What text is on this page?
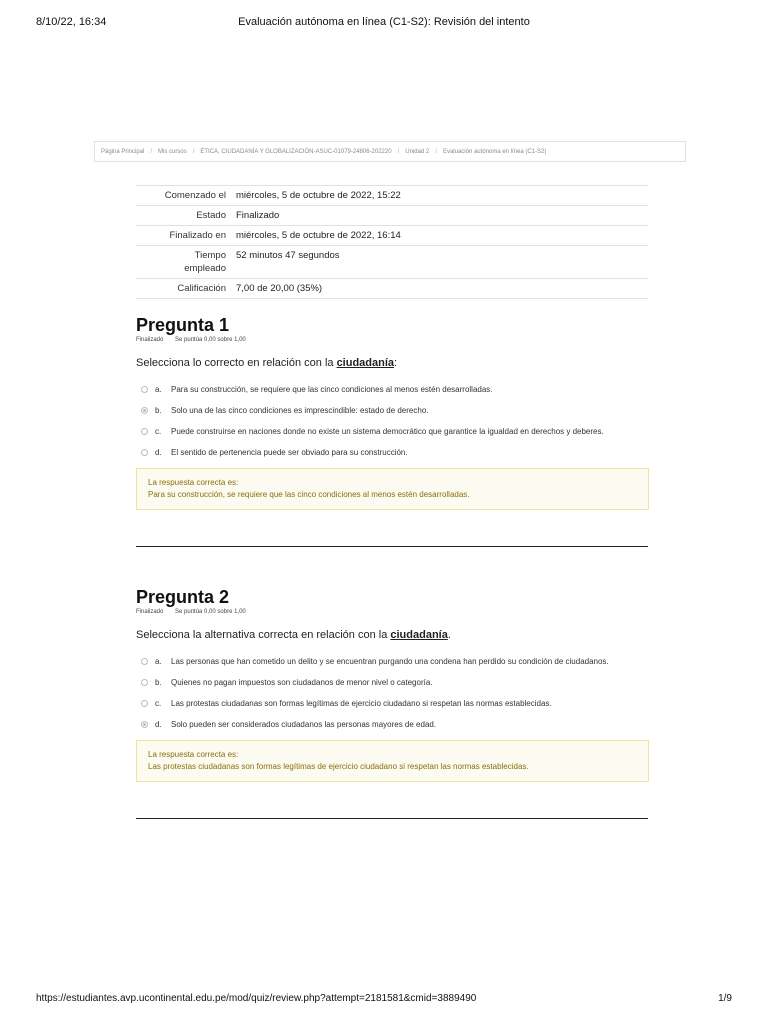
8/10/22, 16:34	Evaluación autónoma en línea (C1-S2): Revisión del intento
Página Principal / Mis cursos / ÉTICA, CIUDADANÍA Y GLOBALIZACIÓN-ASUC-01079-24806-202220 / Unidad 2 / Evaluación autónoma en línea (C1-S2)
Comenzado el	miércoles, 5 de octubre de 2022, 15:22
Estado	Finalizado
Finalizado en	miércoles, 5 de octubre de 2022, 16:14
Tiempo empleado	52 minutos 47 segundos
Calificación	7,00 de 20,00 (35%)
Pregunta 1
Finalizado Se puntúa 0,00 sobre 1,00
Selecciona lo correcto en relación con la ciudadanía:
a.	Para su construcción, se requiere que las cinco condiciones al menos estén desarrolladas.
b.	Solo una de las cinco condiciones es imprescindible: estado de derecho.
c.	Puede construirse en naciones donde no existe un sistema democrático que garantice la igualdad en derechos y deberes.
d.	El sentido de pertenencia puede ser obviado para su construcción.
La respuesta correcta es:
Para su construcción, se requiere que las cinco condiciones al menos estén desarrolladas.
Pregunta 2
Finalizado Se puntúa 0,00 sobre 1,00
Selecciona la alternativa correcta en relación con la ciudadanía.
a.	Las personas que han cometido un delito y se encuentran purgando una condena han perdido su condición de ciudadanos.
b.	Quienes no pagan impuestos son ciudadanos de menor nivel o categoría.
c.	Las protestas ciudadanas son formas legítimas de ejercicio ciudadano si respetan las normas establecidas.
d.	Solo pueden ser considerados ciudadanos las personas mayores de edad.
La respuesta correcta es:
Las protestas ciudadanas son formas legítimas de ejercicio ciudadano si respetan las normas establecidas.
https://estudiantes.avp.ucontinental.edu.pe/mod/quiz/review.php?attempt=2181581&cmid=3889490	1/9
